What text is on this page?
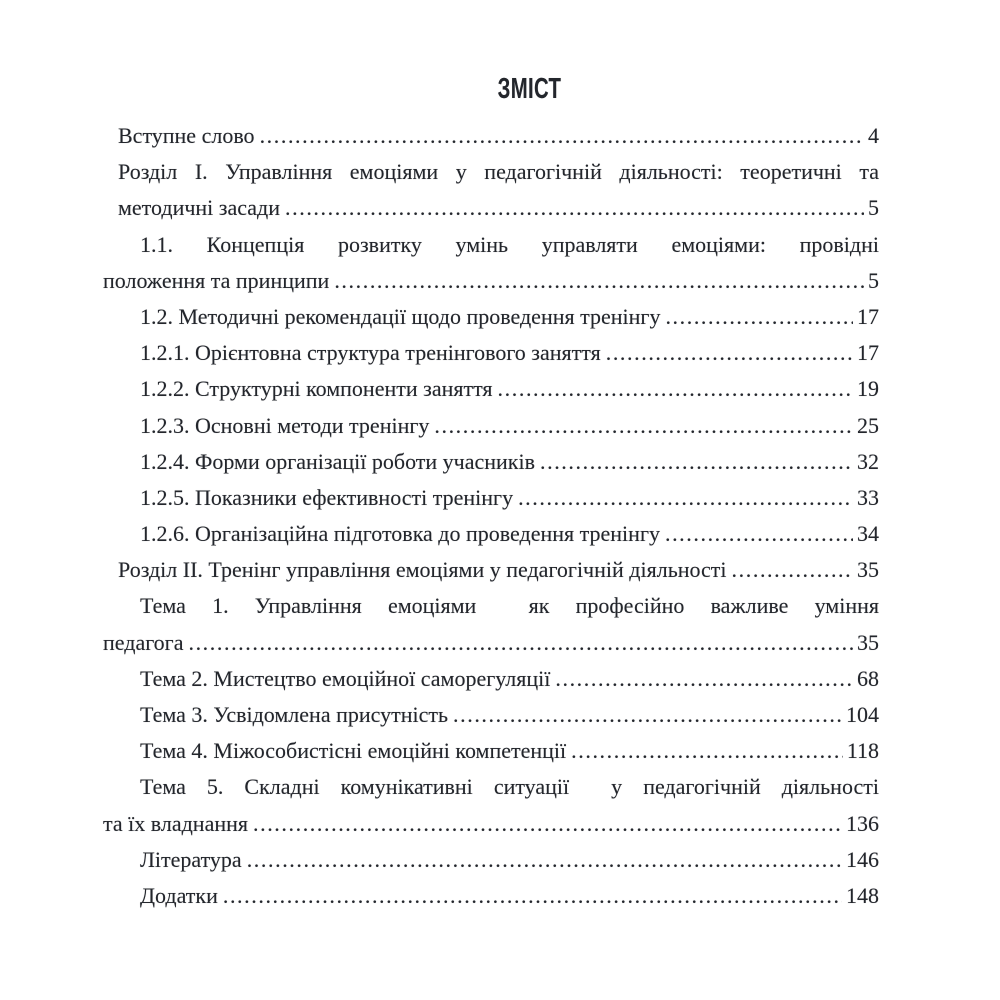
ЗМІСТ
Вступне слово .....	4
Розділ І. Управління емоціями у педагогічній діяльності: теоретичні та
методичні засади .....	5
1.1. Концепція розвитку умінь управляти емоціями: провідні
положення та принципи .....	5
1.2. Методичні рекомендації щодо проведення тренінгу .....	17
1.2.1. Орієнтовна структура тренінгового заняття .....	17
1.2.2. Структурні компоненти заняття .....	19
1.2.3. Основні методи тренінгу .....	25
1.2.4. Форми організації роботи учасників .....	32
1.2.5. Показники ефективності тренінгу .....	33
1.2.6. Організаційна підготовка до проведення тренінгу .....	34
Розділ ІІ. Тренінг управління емоціями у педагогічній діяльності .....	35
Тема 1. Управління емоціями  як професійно важливе уміння
педагога .....	35
Тема 2. Мистецтво емоційної саморегуляції .....	68
Тема 3. Усвідомлена присутність .....	104
Тема 4. Міжособистісні емоційні компетенції .....	118
Тема 5. Складні комунікативні ситуації  у педагогічній діяльності
та їх владнання .....	136
Література .....	146
Додатки .....	148
